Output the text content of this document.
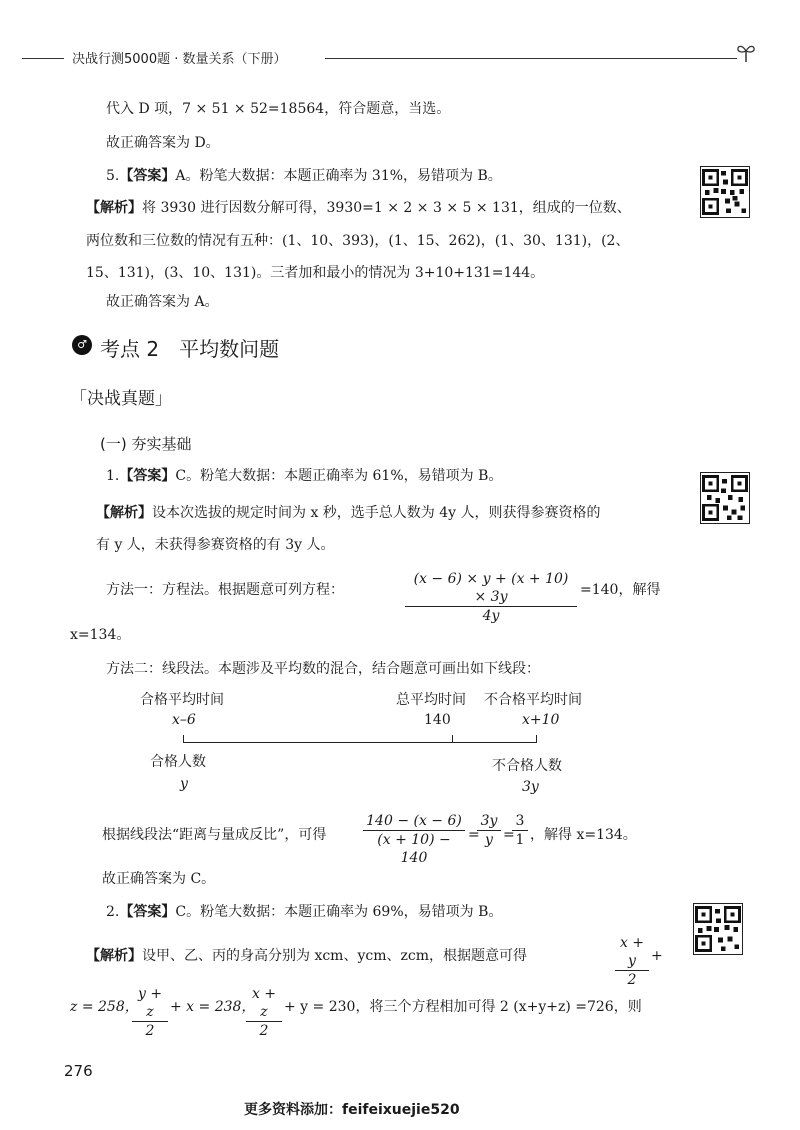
决战行测5000题 · 数量关系（下册）
代入 D 项，7 × 51 × 52=18564，符合题意，当选。
故正确答案为 D。
5.【答案】A。粉笔大数据：本题正确率为 31%，易错项为 B。
【解析】将 3930 进行因数分解可得，3930=1 × 2 × 3 × 5 × 131，组成的一位数、
两位数和三位数的情况有五种：(1、10、393)，(1、15、262)，(1、30、131)，(2、
15、131)，(3、10、131)。三者加和最小的情况为 3+10+131=144。
故正确答案为 A。
♂ 考点 2　平均数问题
「决战真题」
(一) 夯实基础
1.【答案】C。粉笔大数据：本题正确率为 61%，易错项为 B。
【解析】设本次选拔的规定时间为 x 秒，选手总人数为 4y 人，则获得参赛资格的
有 y 人，未获得参赛资格的有 3y 人。
方法一：方程法。根据题意可列方程：	$\frac{(x - 6) \times y + (x + 10) \times 3y}{4y} =140$，解得
x=134。
方法二：线段法。本题涉及平均数的混合，结合题意可画出如下线段：
合格平均时间
x–6
总平均时间
140
不合格平均时间
x+10
合格人数
y
不合格人数
3y
根据线段法“距离与量成反比”，可得	$\frac{140 - (x - 6)}{(x + 10) - 140}$ =
$\frac{3y}{y}$ =
$\frac{3}{1}$ ，解得 x=134。
故正确答案为 C。
2.【答案】C。粉笔大数据：本题正确率为 69%，易错项为 B。
【解析】设甲、乙、丙的身高分别为 xcm、ycm、zcm，根据题意可得	$\frac{x + y}{2}$ +
z = 258，
$\frac{y + z}{2} + x = 238$，
$\frac{x + z}{2} + y = 230$，将三个方程相加可得 2 (x+y+z) =726，则
276
更多资料添加：feifeixuejie520
